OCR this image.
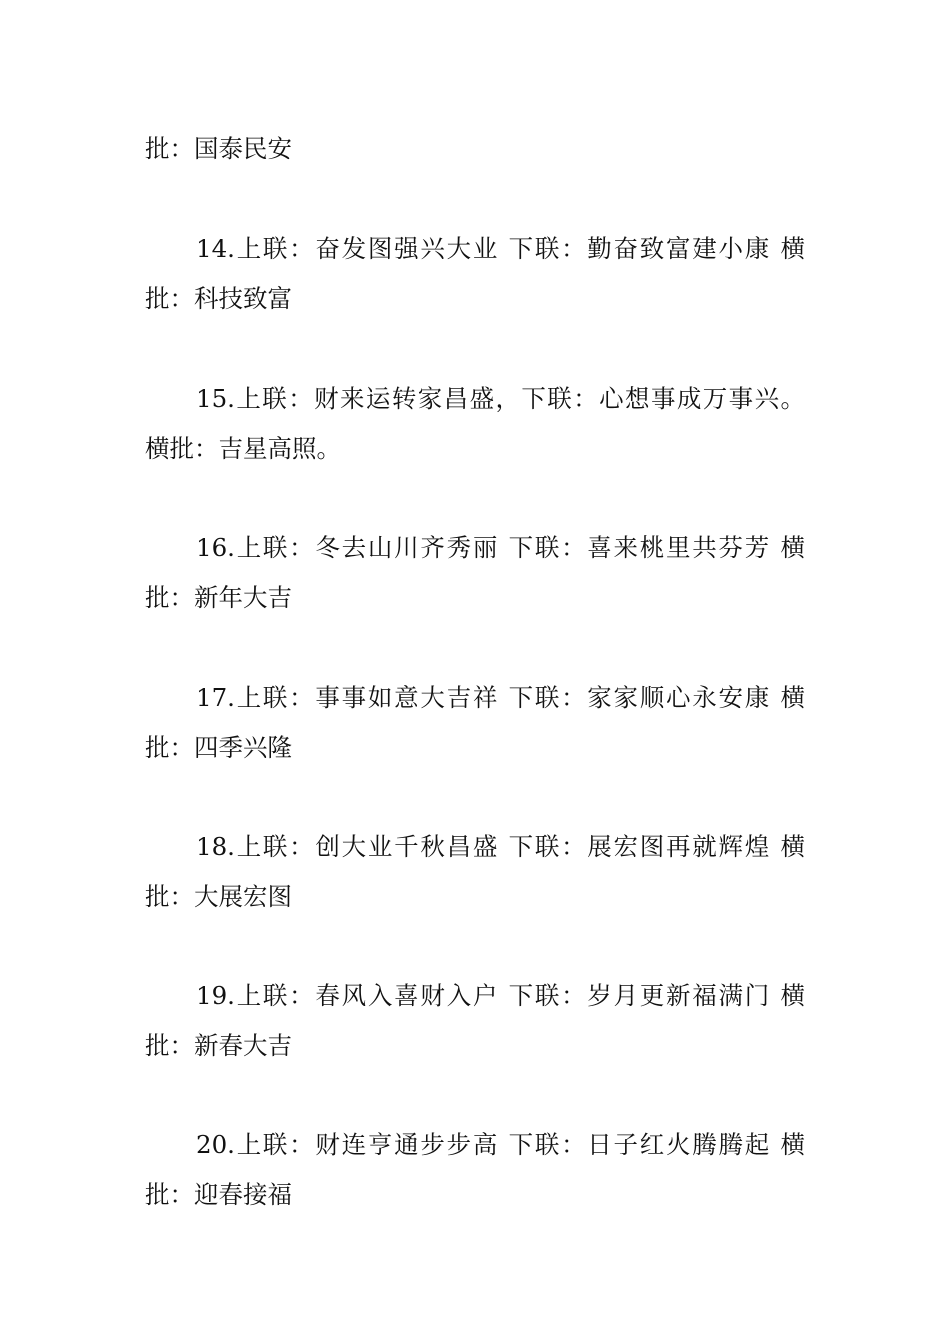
批：国泰民安
14.上联：奋发图强兴大业 下联：勤奋致富建小康 横
批：科技致富
15.上联：财来运转家昌盛，下联：心想事成万事兴。
横批：吉星高照。
16.上联：冬去山川齐秀丽 下联：喜来桃里共芬芳 横
批：新年大吉
17.上联：事事如意大吉祥 下联：家家顺心永安康 横
批：四季兴隆
18.上联：创大业千秋昌盛 下联：展宏图再就辉煌 横
批：大展宏图
19.上联：春风入喜财入户 下联：岁月更新福满门 横
批：新春大吉
20.上联：财连亨通步步高 下联：日子红火腾腾起 横
批：迎春接福
